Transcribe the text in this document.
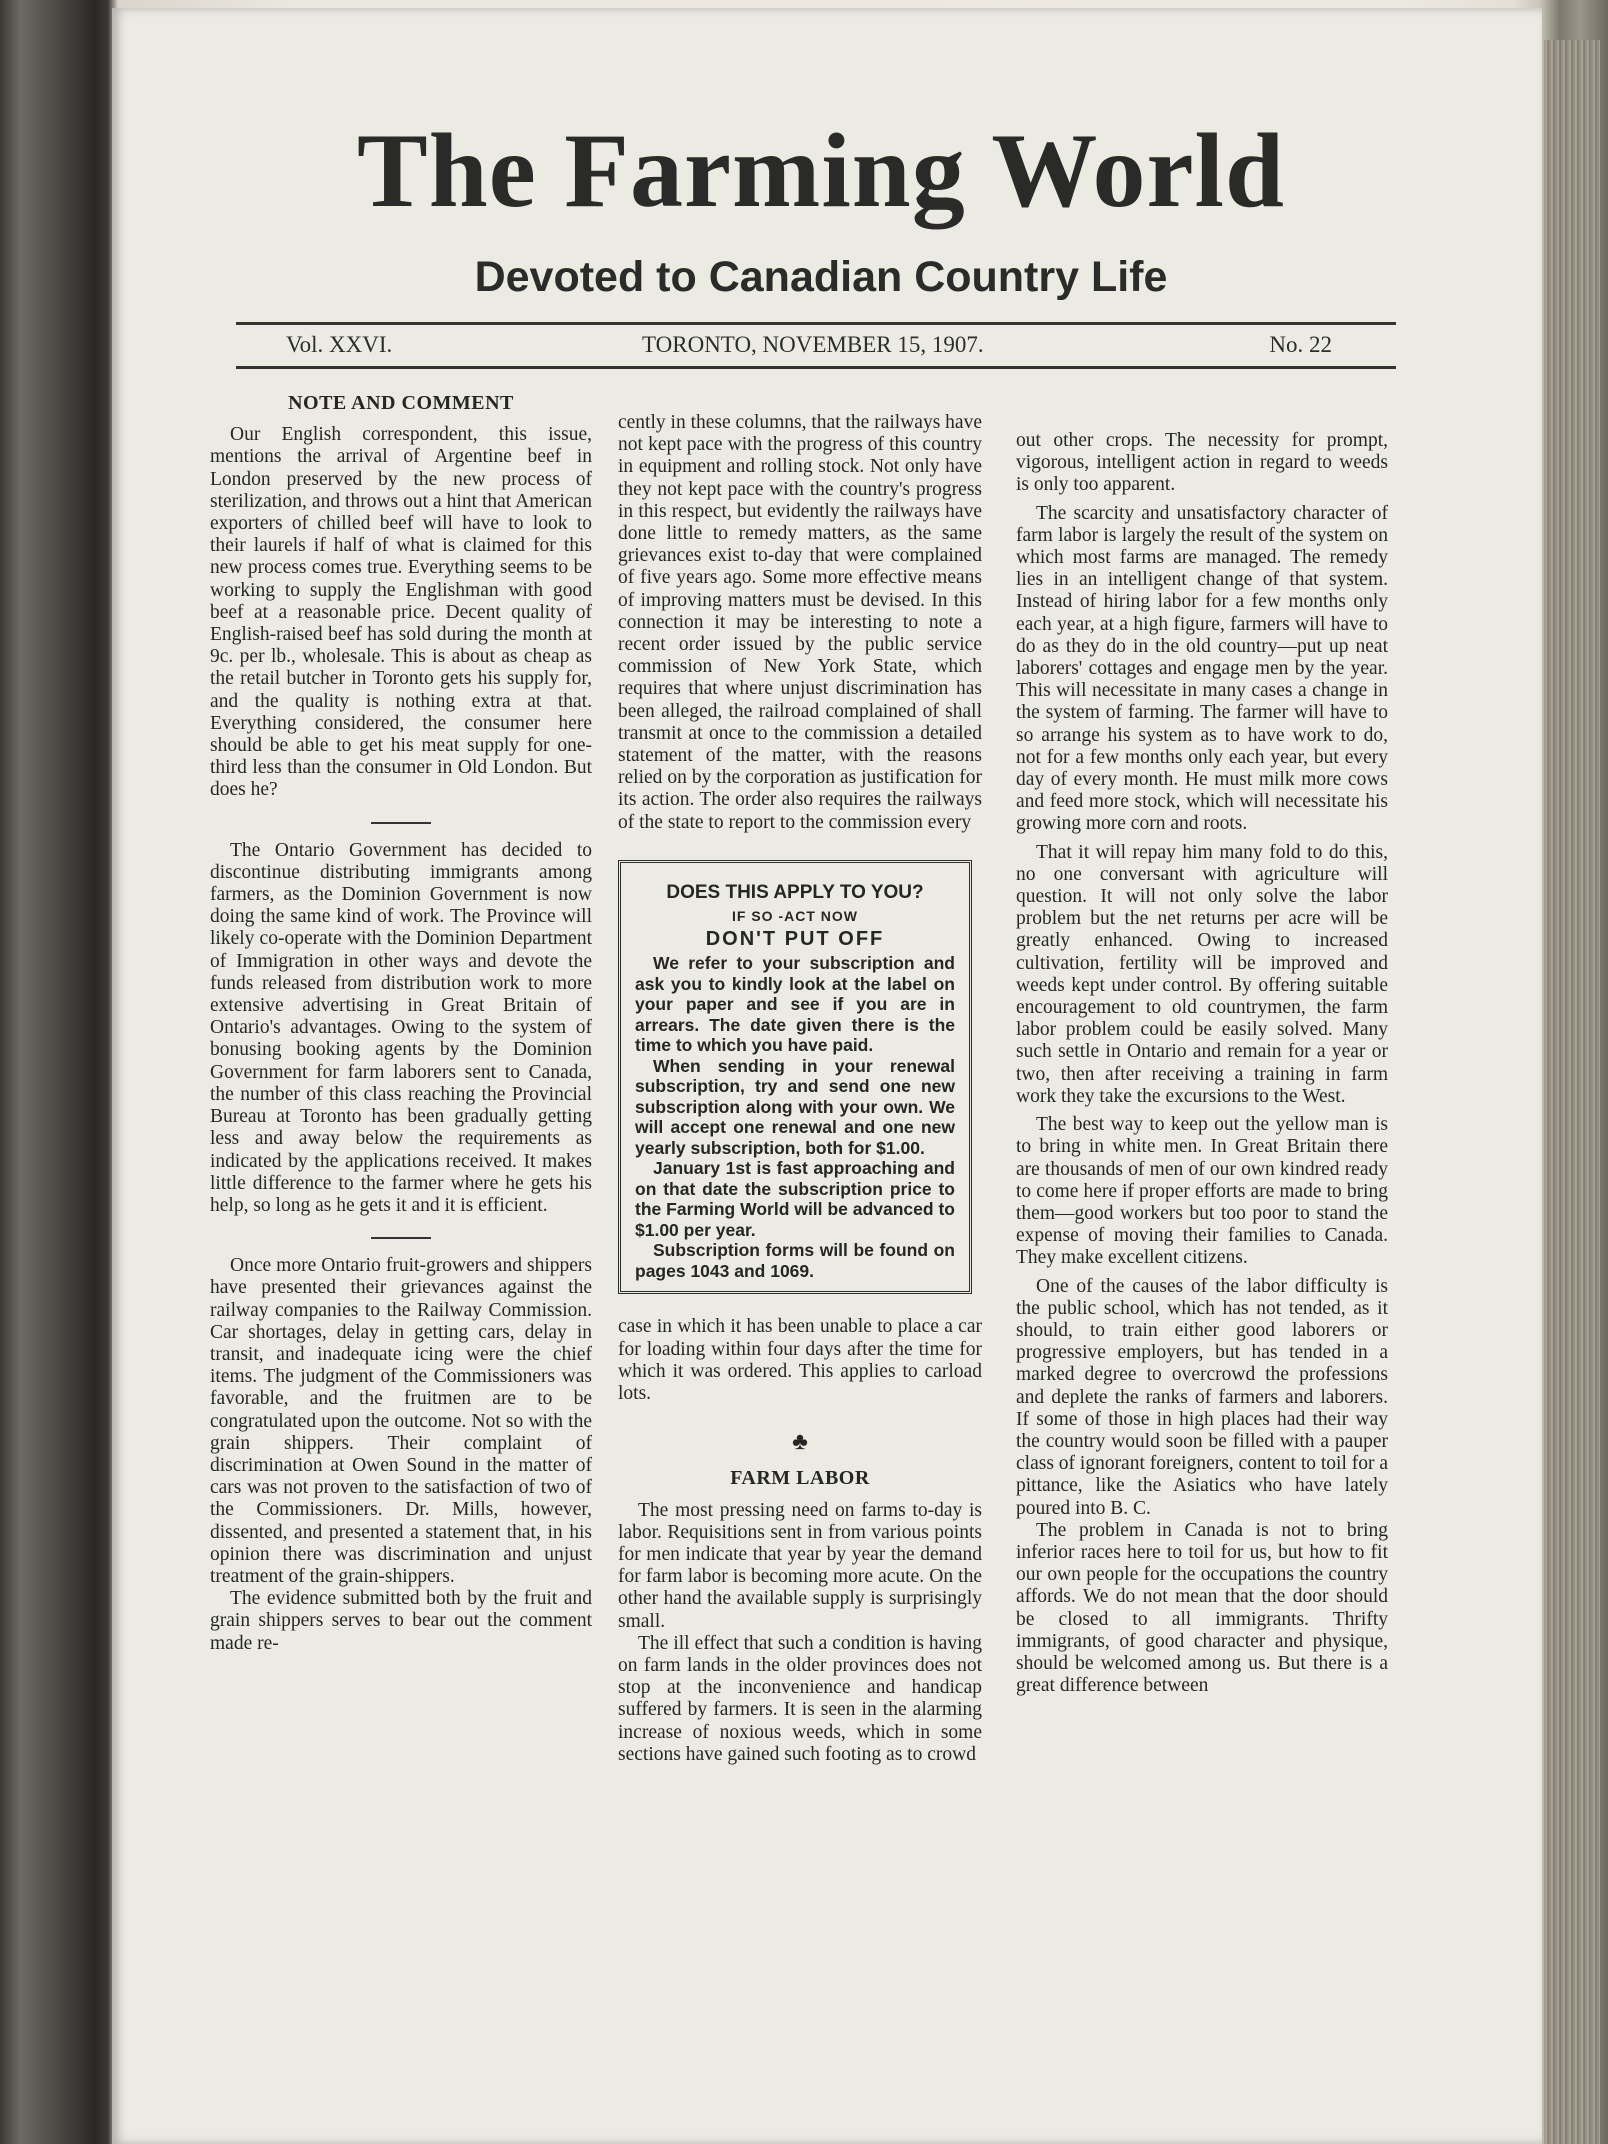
The Farming World
Devoted to Canadian Country Life
Vol. XXVI.	TORONTO, NOVEMBER 15, 1907.	No. 22
NOTE AND COMMENT

Our English correspondent, this issue, mentions the arrival of Argentine beef in London preserved by the new process of sterilization, and throws out a hint that American exporters of chilled beef will have to look to their laurels if half of what is claimed for this new process comes true. Everything seems to be working to supply the Englishman with good beef at a reasonable price. Decent quality of English-raised beef has sold during the month at 9c. per lb., wholesale. This is about as cheap as the retail butcher in Toronto gets his supply for, and the quality is nothing extra at that. Everything considered, the consumer here should be able to get his meat supply for one-third less than the consumer in Old London. But does he?

The Ontario Government has decided to discontinue distributing immigrants among farmers, as the Dominion Government is now doing the same kind of work. The Province will likely co-operate with the Dominion Department of Immigration in other ways and devote the funds released from distribution work to more extensive advertising in Great Britain of Ontario's advantages. Owing to the system of bonusing booking agents by the Dominion Government for farm laborers sent to Canada, the number of this class reaching the Provincial Bureau at Toronto has been gradually getting less and away below the requirements as indicated by the applications received. It makes little difference to the farmer where he gets his help, so long as he gets it and it is efficient.

Once more Ontario fruit-growers and shippers have presented their grievances against the railway companies to the Railway Commission. Car shortages, delay in getting cars, delay in transit, and inadequate icing were the chief items. The judgment of the Commissioners was favorable, and the fruitmen are to be congratulated upon the outcome. Not so with the grain shippers. Their complaint of discrimination at Owen Sound in the matter of cars was not proven to the satisfaction of two of the Commissioners. Dr. Mills, however, dissented, and presented a statement that, in his opinion there was discrimination and unjust treatment of the grain-shippers.

The evidence submitted both by the fruit and grain shippers serves to bear out the comment made re-

cently in these columns, that the railways have not kept pace with the progress of this country in equipment and rolling stock. Not only have they not kept pace with the country's progress in this respect, but evidently the railways have done little to remedy matters, as the same grievances exist to-day that were complained of five years ago. Some more effective means of improving matters must be devised. In this connection it may be interesting to note a recent order issued by the public service commission of New York State, which requires that where unjust discrimination has been alleged, the railroad complained of shall transmit at once to the commission a detailed statement of the matter, with the reasons relied on by the corporation as justification for its action. The order also requires the railways of the state to report to the commission every

DOES THIS APPLY TO YOU?
IF SO -ACT NOW
DON'T PUT OFF

We refer to your subscription and ask you to kindly look at the label on your paper and see if you are in arrears. The date given there is the time to which you have paid.

When sending in your renewal subscription, try and send one new subscription along with your own. We will accept one renewal and one new yearly subscription, both for $1.00.

January 1st is fast approaching and on that date the subscription price to the Farming World will be advanced to $1.00 per year.

Subscription forms will be found on pages 1043 and 1069.

case in which it has been unable to place a car for loading within four days after the time for which it was ordered. This applies to carload lots.

♣
FARM LABOR

The most pressing need on farms to-day is labor. Requisitions sent in from various points for men indicate that year by year the demand for farm labor is becoming more acute. On the other hand the available supply is surprisingly small.

The ill effect that such a condition is having on farm lands in the older provinces does not stop at the inconvenience and handicap suffered by farmers. It is seen in the alarming increase of noxious weeds, which in some sections have gained such footing as to crowd

out other crops. The necessity for prompt, vigorous, intelligent action in regard to weeds is only too apparent.

The scarcity and unsatisfactory character of farm labor is largely the result of the system on which most farms are managed. The remedy lies in an intelligent change of that system. Instead of hiring labor for a few months only each year, at a high figure, farmers will have to do as they do in the old country—put up neat laborers' cottages and engage men by the year. This will necessitate in many cases a change in the system of farming. The farmer will have to so arrange his system as to have work to do, not for a few months only each year, but every day of every month. He must milk more cows and feed more stock, which will necessitate his growing more corn and roots.

That it will repay him many fold to do this, no one conversant with agriculture will question. It will not only solve the labor problem but the net returns per acre will be greatly enhanced. Owing to increased cultivation, fertility will be improved and weeds kept under control. By offering suitable encouragement to old countrymen, the farm labor problem could be easily solved. Many such settle in Ontario and remain for a year or two, then after receiving a training in farm work they take the excursions to the West.

The best way to keep out the yellow man is to bring in white men. In Great Britain there are thousands of men of our own kindred ready to come here if proper efforts are made to bring them—good workers but too poor to stand the expense of moving their families to Canada. They make excellent citizens.

One of the causes of the labor difficulty is the public school, which has not tended, as it should, to train either good laborers or progressive employers, but has tended in a marked degree to overcrowd the professions and deplete the ranks of farmers and laborers. If some of those in high places had their way the country would soon be filled with a pauper class of ignorant foreigners, content to toil for a pittance, like the Asiatics who have lately poured into B. C.

The problem in Canada is not to bring inferior races here to toil for us, but how to fit our own people for the occupations the country affords. We do not mean that the door should be closed to all immigrants. Thrifty immigrants, of good character and physique, should be welcomed among us. But there is a great difference between
